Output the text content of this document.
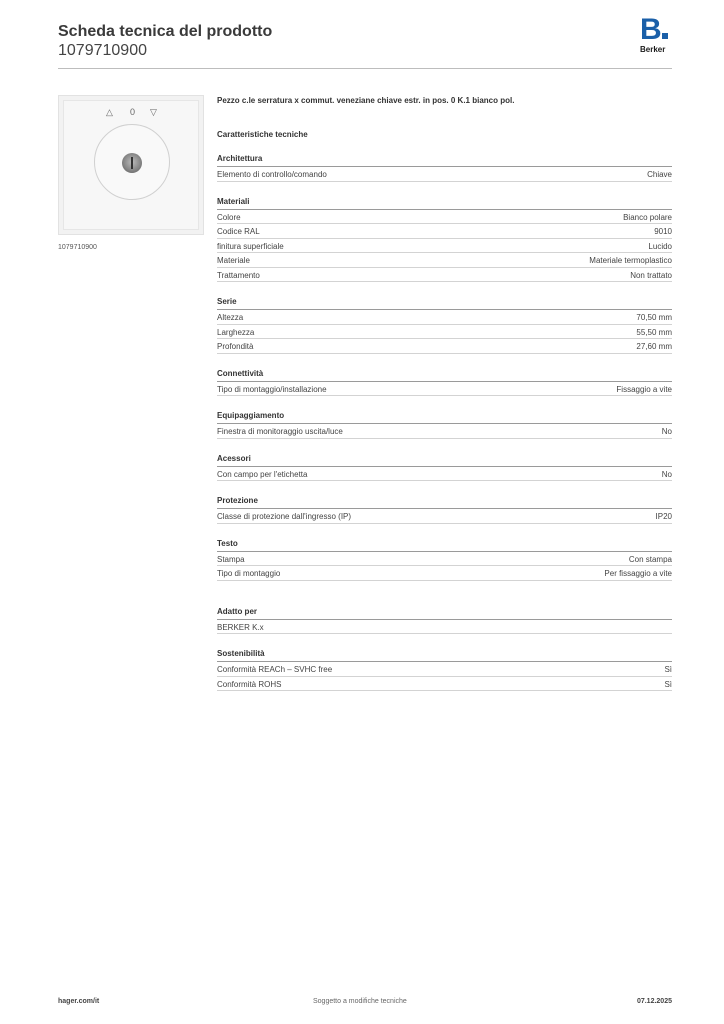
Scheda tecnica del prodotto
1079710900
B
Berker
△ 0 ▽
1079710900
Pezzo c.le serratura x commut. veneziane chiave estr. in pos. 0 K.1 bianco pol.
Caratteristiche tecniche
Architettura
Elemento di controllo/comando	Chiave
Materiali
Colore	Bianco polare
Codice RAL	9010
finitura superficiale	Lucido
Materiale	Materiale termoplastico
Trattamento	Non trattato
Serie
Altezza	70,50 mm
Larghezza	55,50 mm
Profondità	27,60 mm
Connettività
Tipo di montaggio/installazione	Fissaggio a vite
Equipaggiamento
Finestra di monitoraggio uscita/luce	No
Acessori
Con campo per l'etichetta	No
Protezione
Classe di protezione dall'ingresso (IP)	IP20
Testo
Stampa	Con stampa
Tipo di montaggio	Per fissaggio a vite
Adatto per
BERKER K.x
Sostenibilità
Conformità REACh – SVHC free	Sì
Conformità ROHS	Sì
hager.com/it	Soggetto a modifiche tecniche	07.12.2025
